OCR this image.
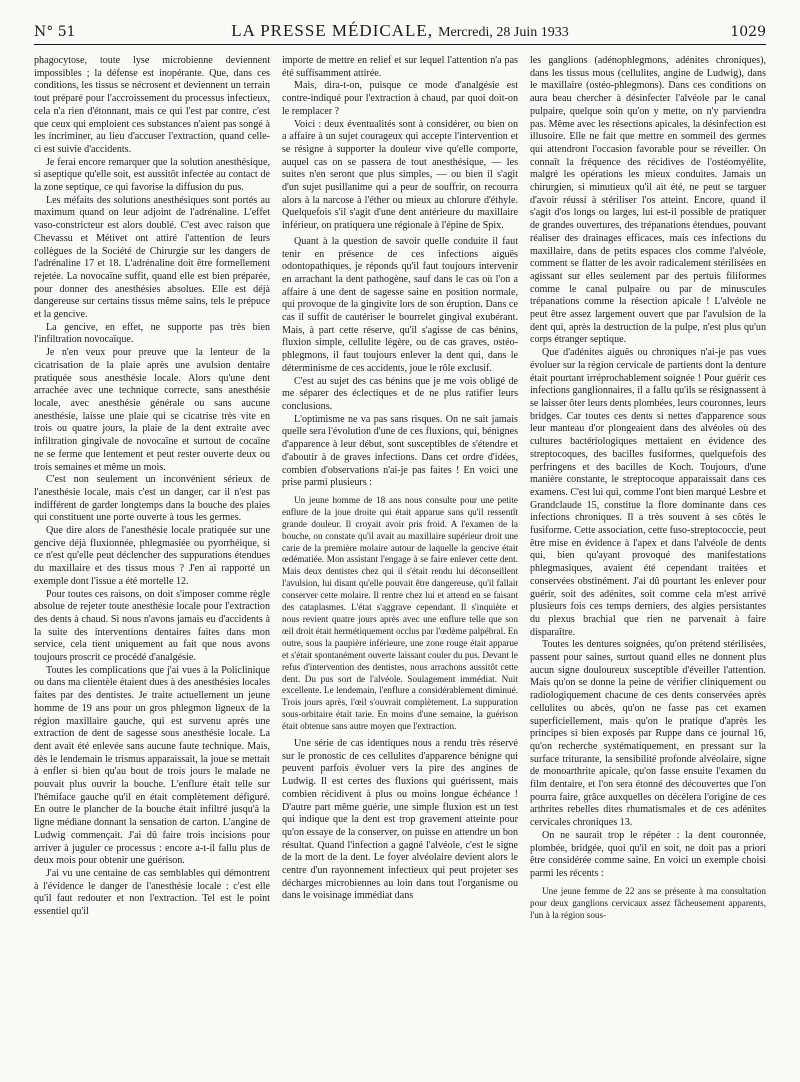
N° 51	LA PRESSE MÉDICALE, Mercredi, 28 Juin 1933	1029

phagocytose, toute lyse microbienne deviennent impossibles ; la défense est inopérante. Que, dans ces conditions, les tissus se nécrosent et deviennent un terrain tout préparé pour l'accroissement du processus infectieux, cela n'a rien d'étonnant, mais ce qui l'est par contre, c'est que ceux qui emploient ces substances n'aient pas songé à les incriminer, au lieu d'accuser l'extraction, quand celle-ci est suivie d'accidents.

Je ferai encore remarquer que la solution anesthésique, si aseptique qu'elle soit, est aussitôt infectée au contact de la zone septique, ce qui favorise la diffusion du pus.

Les méfaits des solutions anesthésiques sont portés au maximum quand on leur adjoint de l'adrénaline. L'effet vaso-constricteur est alors doublé. C'est avec raison que Chevassu et Métivet ont attiré l'attention de leurs collègues de la Société de Chirurgie sur les dangers de l'adrénaline 17 et 18. L'adrénaline doit être formellement rejetée. La novocaïne suffit, quand elle est bien préparée, pour donner des anesthésies absolues. Elle est déjà dangereuse sur certains tissus même sains, tels le prépuce et la gencive.

La gencive, en effet, ne supporte pas très bien l'infiltration novocaïque.

Je n'en veux pour preuve que la lenteur de la cicatrisation de la plaie après une avulsion dentaire pratiquée sous anesthésie locale. Alors qu'une dent arrachée avec une technique correcte, sans anesthésie locale, avec anesthésie générale ou sans aucune anesthésie, laisse une plaie qui se cicatrise très vite en trois ou quatre jours, la plaie de la dent extraite avec infiltration gingivale de novocaïne et surtout de cocaïne ne se ferme que lentement et peut rester ouverte deux ou trois semaines et même un mois.

C'est non seulement un inconvénient sérieux de l'anesthésie locale, mais c'est un danger, car il n'est pas indifférent de garder longtemps dans la bouche des plaies qui constituent une porte ouverte à tous les germes.

Que dire alors de l'anesthésie locale pratiquée sur une gencive déjà fluxionnée, phlegmasiée ou pyorrhéique, si ce n'est qu'elle peut déclencher des suppurations étendues du maxillaire et des tissus mous ? J'en ai rapporté un exemple dont l'issue a été mortelle 12.

Pour toutes ces raisons, on doit s'imposer comme règle absolue de rejeter toute anesthésie locale pour l'extraction des dents à chaud. Si nous n'avons jamais eu d'accidents à la suite des interventions dentaires faites dans mon service, cela tient uniquement au fait que nous avons toujours proscrit ce procédé d'analgésie.

Toutes les complications que j'ai vues à la Policlinique ou dans ma clientèle étaient dues à des anesthésies locales faites par des dentistes. Je traite actuellement un jeune homme de 19 ans pour un gros phlegmon ligneux de la région maxillaire gauche, qui est survenu après une extraction de dent de sagesse sous anesthésie locale. La dent avait été enlevée sans aucune faute technique. Mais, dès le lendemain le trismus apparaissait, la joue se mettait à enfler si bien qu'au bout de trois jours le malade ne pouvait plus ouvrir la bouche. L'enflure était telle sur l'hémiface gauche qu'il en était complètement défiguré. En outre le plancher de la bouche était infiltré jusqu'à la ligne médiane donnant la sensation de carton. L'angine de Ludwig commençait. J'ai dû faire trois incisions pour arriver à juguler ce processus : encore a-t-il fallu plus de deux mois pour obtenir une guérison.

J'ai vu une centaine de cas semblables qui démontrent à l'évidence le danger de l'anesthésie locale : c'est elle qu'il faut redouter et non l'extraction. Tel est le point essentiel qu'il

importe de mettre en relief et sur lequel l'attention n'a pas été suffisamment attirée.

Mais, dira-t-on, puisque ce mode d'analgésie est contre-indiqué pour l'extraction à chaud, par quoi doit-on le remplacer ?

Voici : deux éventualités sont à considérer, ou bien on a affaire à un sujet courageux qui accepte l'intervention et se résigne à supporter la douleur vive qu'elle comporte, auquel cas on se passera de tout anesthésique, — les suites n'en seront que plus simples, — ou bien il s'agit d'un sujet pusillanime qui a peur de souffrir, on recourra alors à la narcose à l'éther ou mieux au chlorure d'éthyle. Quelquefois s'il s'agit d'une dent antérieure du maxillaire inférieur, on pratiquera une régionale à l'épine de Spix.

Quant à la question de savoir quelle conduite il faut tenir en présence de ces infections aiguës odontopathiques, je réponds qu'il faut toujours intervenir en arrachant la dent pathogène, sauf dans le cas où l'on a affaire à une dent de sagesse saine en position normale, qui provoque de la gingivite lors de son éruption. Dans ce cas il suffit de cautériser le bourrelet gingival exubérant. Mais, à part cette réserve, qu'il s'agisse de cas bénins, fluxion simple, cellulite légère, ou de cas graves, ostéo-phlegmons, il faut toujours enlever la dent qui, dans le déterminisme de ces accidents, joue le rôle exclusif.

C'est au sujet des cas bénins que je me vois obligé de me séparer des éclectiques et de ne plus ratifier leurs conclusions.

L'optimisme ne va pas sans risques. On ne sait jamais quelle sera l'évolution d'une de ces fluxions, qui, bénignes d'apparence à leur début, sont susceptibles de s'étendre et d'aboutir à de graves infections. Dans cet ordre d'idées, combien d'observations n'ai-je pas faites ! En voici une prise parmi plusieurs :

Un jeune homme de 18 ans nous consulte pour une petite enflure de la joue droite qui était apparue sans qu'il ressentît grande douleur. Il croyait avoir pris froid. A l'examen de la bouche, on constate qu'il avait au maxillaire supérieur droit une carie de la première molaire autour de laquelle la gencive était œdématiée. Mon assistant l'engage à se faire enlever cette dent. Mais deux dentistes chez qui il s'était rendu lui déconseillent l'avulsion, lui disant qu'elle pouvait être dangereuse, qu'il fallait conserver cette molaire. Il rentre chez lui et attend en se faisant des cataplasmes. L'état s'aggrave cependant. Il s'inquiète et nous revient quatre jours après avec une enflure telle que son œil droit était hermétiquement occlus par l'œdème palpébral. En outre, sous la paupière inférieure, une zone rouge était apparue et s'était spontanément ouverte laissant couler du pus. Devant le refus d'intervention des dentistes, nous arrachons aussitôt cette dent. Du pus sort de l'alvéole. Soulagement immédiat. Nuit excellente. Le lendemain, l'enflure a considérablement diminué. Trois jours après, l'œil s'ouvrait complètement. La suppuration sous-orbitaire était tarie. En moins d'une semaine, la guérison était obtenue sans autre moyen que l'extraction.

Une série de cas identiques nous a rendu très réservé sur le pronostic de ces cellulites d'apparence bénigne qui peuvent parfois évoluer vers la pire des angines de Ludwig. Il est certes des fluxions qui guérissent, mais combien récidivent à plus ou moins longue échéance ! D'autre part même guérie, une simple fluxion est un test qui indique que la dent est trop gravement atteinte pour qu'on essaye de la conserver, on puisse en attendre un bon résultat. Quand l'infection a gagné l'alvéole, c'est le signe de la mort de la dent. Le foyer alvéolaire devient alors le centre d'un rayonnement infectieux qui peut projeter ses décharges microbiennes au loin dans tout l'organisme ou dans le voisinage immédiat dans

les ganglions (adénophlegmons, adénites chroniques), dans les tissus mous (cellulites, angine de Ludwig), dans le maxillaire (ostéo-phlegmons). Dans ces conditions on aura beau chercher à désinfecter l'alvéole par le canal pulpaire, quelque soin qu'on y mette, on n'y parviendra pas. Même avec les résections apicales, la désinfection est illusoire. Elle ne fait que mettre en sommeil des germes qui attendront l'occasion favorable pour se réveiller. On connaît la fréquence des récidives de l'ostéomyélite, malgré les opérations les mieux conduites. Jamais un chirurgien, si minutieux qu'il ait été, ne peut se targuer d'avoir réussi à stériliser l'os atteint. Encore, quand il s'agit d'os longs ou larges, lui est-il possible de pratiquer de grandes ouvertures, des trépanations étendues, pouvant réaliser des drainages efficaces, mais ces infections du maxillaire, dans de petits espaces clos comme l'alvéole, comment se flatter de les avoir radicalement stérilisées en agissant sur elles seulement par des pertuis filiformes comme le canal pulpaire ou par de minuscules trépanations comme la résection apicale ! L'alvéole ne peut être assez largement ouvert que par l'avulsion de la dent qui, après la destruction de la pulpe, n'est plus qu'un corps étranger septique.

Que d'adénites aiguës ou chroniques n'ai-je pas vues évoluer sur la région cervicale de partients dont la denture était pourtant irréprochablement soignée ! Pour guérir ces infections ganglionnaires, il a fallu qu'ils se résignassent à se laisser ôter leurs dents plombées, leurs couronnes, leurs bridges. Car toutes ces dents si nettes d'apparence sous leur manteau d'or plongeaient dans des alvéoles où des cultures bactériologiques mettaient en évidence des streptocoques, des bacilles fusiformes, quelquefois des perfringens et des bacilles de Koch. Toujours, d'une manière constante, le streptocoque apparaissait dans ces examens. C'est lui qui, comme l'ont bien marqué Lesbre et Grandclaude 15, constitue la flore dominante dans ces infections chroniques. Il a très souvent à ses côtés le fusiforme. Cette association, cette fuso-streptococcie, peut être mise en évidence à l'apex et dans l'alvéole de dents qui, bien qu'ayant provoqué des manifestations phlegmasiques, avaient été cependant traitées et conservées obstinément. J'ai dû pourtant les enlever pour guérir, soit des adénites, soit comme cela m'est arrivé plusieurs fois ces temps derniers, des algies persistantes du plexus brachial que rien ne parvenait à faire disparaître.

Toutes les dentures soignées, qu'on prétend stérilisées, passent pour saines, surtout quand elles ne donnent plus aucun signe douloureux susceptible d'éveiller l'attention. Mais qu'on se donne la peine de vérifier cliniquement ou radiologiquement chacune de ces dents conservées après cellulites ou abcès, qu'on ne fasse pas cet examen superficiellement, mais qu'on le pratique d'après les principes si bien exposés par Ruppe dans ce journal 16, qu'on recherche systématiquement, en pressant sur la surface triturante, la sensibilité profonde alvéolaire, signe de monoarthrite apicale, qu'on fasse ensuite l'examen du film dentaire, et l'on sera étonné des découvertes que l'on pourra faire, grâce auxquelles on décèlera l'origine de ces arthrites rebelles dites rhumatismales et de ces adénites cervicales chroniques 13.

On ne saurait trop le répéter : la dent couronnée, plombée, bridgée, quoi qu'il en soit, ne doit pas a priori être considérée comme saine. En voici un exemple choisi parmi les récents :

Une jeune femme de 22 ans se présente à ma consultation pour deux ganglions cervicaux assez fâcheusement apparents, l'un à la région sous-
